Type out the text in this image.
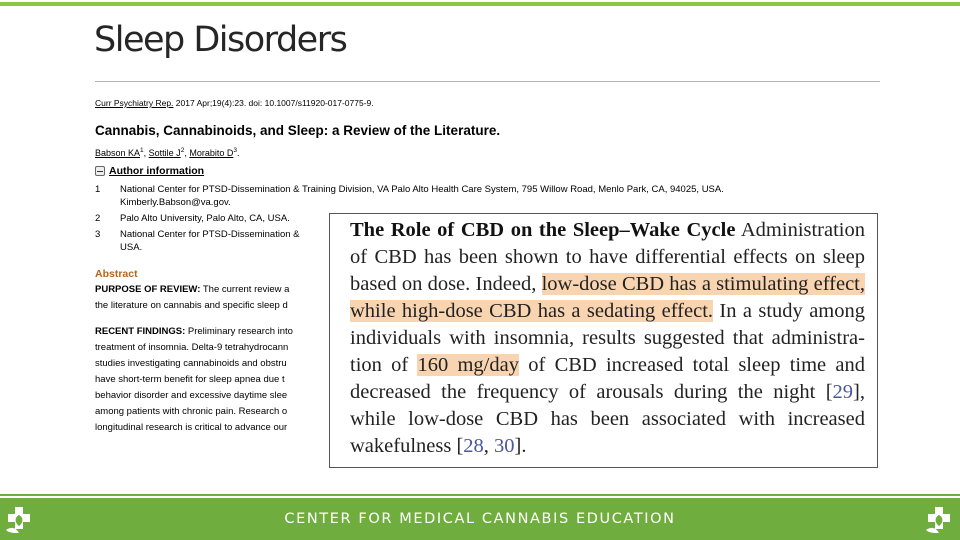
Sleep Disorders
Curr Psychiatry Rep. 2017 Apr;19(4):23. doi: 10.1007/s11920-017-0775-9.
Cannabis, Cannabinoids, and Sleep: a Review of the Literature.
Babson $KA^1$, Sottile $J^2$, Morabito $D^3$.
Author information
1	National Center for PTSD-Dissemination & Training Division, VA Palo Alto Health Care System, 795 Willow Road, Menlo Park, CA, 94025, USA. Kimberly.Babson@va.gov.
2	Palo Alto University, Palo Alto, CA, USA.
3	National Center for PTSD-Dissemination &
USA.
Abstract
PURPOSE OF REVIEW: The current review a
the literature on cannabis and specific sleep d
RECENT FINDINGS: Preliminary research into
treatment of insomnia. Delta-9 tetrahydrocann
studies investigating cannabinoids and obstru
have short-term benefit for sleep apnea due t
behavior disorder and excessive daytime slee
among patients with chronic pain. Research o
longitudinal research is critical to advance our
The Role of CBD on the Sleep–Wake Cycle Administration of CBD has been shown to have differential effects on sleep based on dose. Indeed, low-dose CBD has a stimulating effect, while high-dose CBD has a sedating effect. In a study among individuals with insomnia, results suggested that administra-tion of 160 mg/day of CBD increased total sleep time and decreased the frequency of arousals during the night [29], while low-dose CBD has been associated with increased wakefulness [28, 30].
CENTER FOR MEDICAL CANNABIS EDUCATION
